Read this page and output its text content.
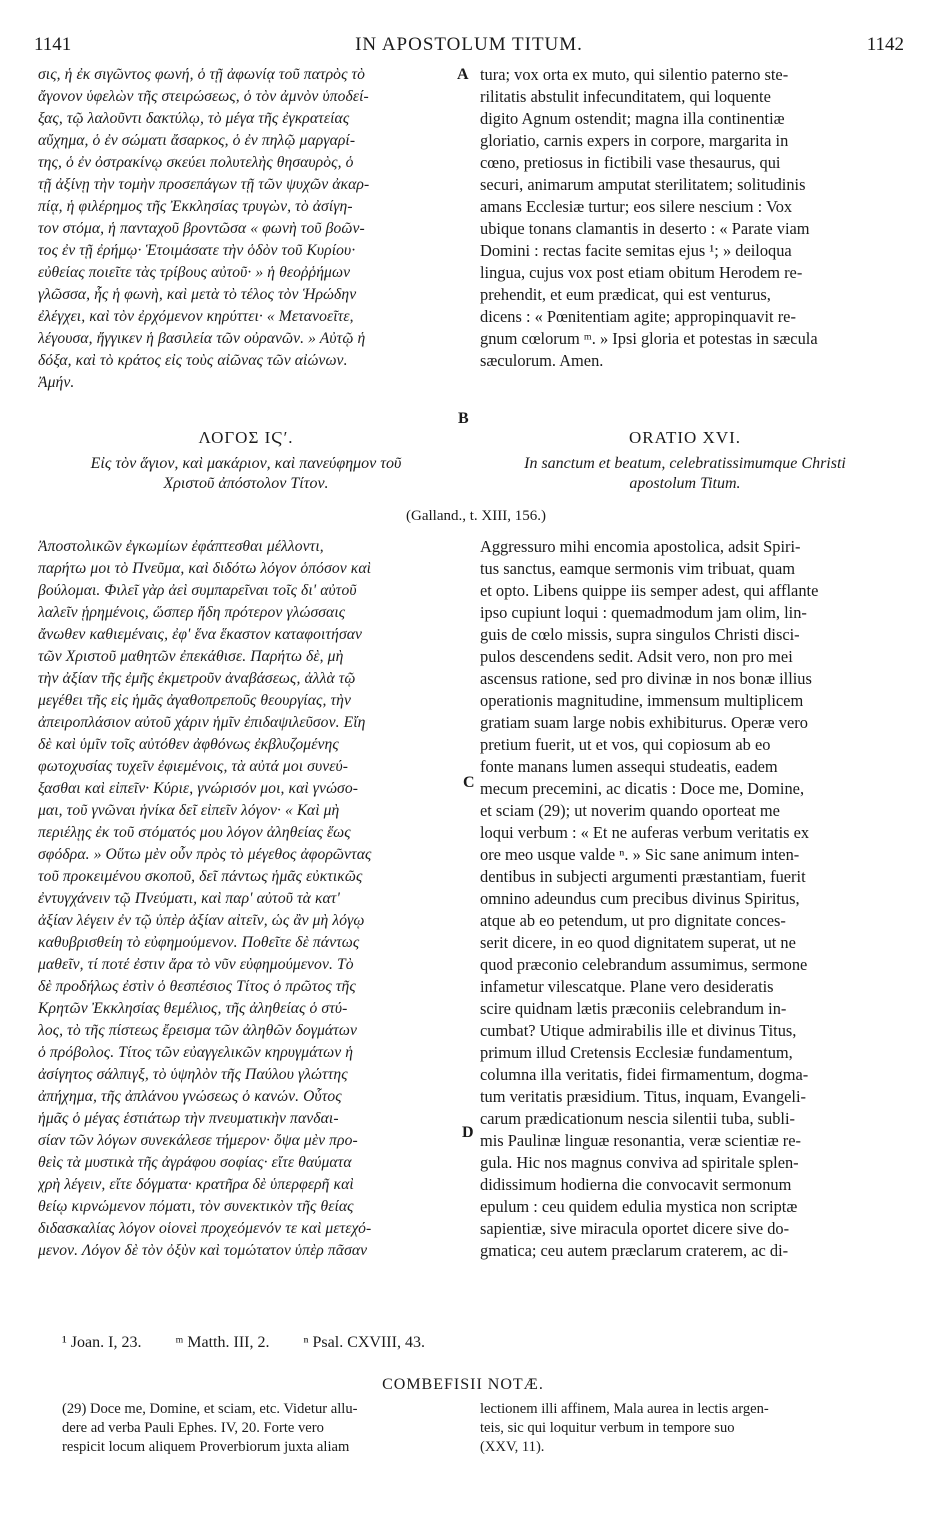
1141	IN APOSTOLUM TITUM.	1142
σις, ἡ ἐκ σιγῶντος φωνή, ὁ τῇ ἀφωνίᾳ τοῦ πατρὸς τὸ
ἄγονον ὑφελὼν τῆς στειρώσεως, ὁ τὸν ἀμνὸν ὑποδεί-
ξας, τῷ λαλοῦντι δακτύλῳ, τὸ μέγα τῆς ἐγκρατείας
αὔχημα, ὁ ἐν σώματι ἄσαρκος, ὁ ἐν πηλῷ μαργαρί-
της, ὁ ἐν ὀστρακίνῳ σκεύει πολυτελὴς θησαυρὸς, ὁ
τῇ ἀξίνῃ τὴν τομὴν προσεπάγων τῇ τῶν ψυχῶν ἀκαρ-
πίᾳ, ἡ φιλέρημος τῆς Ἐκκλησίας τρυγὼν, τὸ ἀσίγη-
τον στόμα, ἡ πανταχοῦ βροντῶσα « φωνὴ τοῦ βοῶν-
τος ἐν τῇ ἐρήμῳ· Ἑτοιμάσατε τὴν ὁδὸν τοῦ Κυρίου·
εὐθείας ποιεῖτε τὰς τρίβους αὐτοῦ· » ἡ θεοῤῥήμων
γλῶσσα, ἧς ἡ φωνὴ, καὶ μετὰ τὸ τέλος τὸν Ἡρώδην
ἐλέγχει, καὶ τὸν ἐρχόμενον κηρύττει· « Μετανοεῖτε,
λέγουσα, ἤγγικεν ἡ βασιλεία τῶν οὐρανῶν. » Αὐτῷ ἡ
δόξα, καὶ τὸ κράτος εἰς τοὺς αἰῶνας τῶν αἰώνων.
Ἀμήν.
tura; vox orta ex muto, qui silentio paterno ste-
rilitatis abstulit infecunditatem, qui loquente
digito Agnum ostendit; magna illa continentiæ
gloriatio, carnis expers in corpore, margarita in
cœno, pretiosus in fictibili vase thesaurus, qui
securi, animarum amputat sterilitatem; solitudinis
amans Ecclesiæ turtur; eos silere nescium : Vox
ubique tonans clamantis in deserto : « Parate viam
Domini : rectas facite semitas ejus ¹; » deiloqua
lingua, cujus vox post etiam obitum Herodem re-
prehendit, et eum prædicat, qui est venturus,
dicens : « Pœnitentiam agite; appropinquavit re-
gnum cœlorum ᵐ. » Ipsi gloria et potestas in sæcula
sæculorum. Amen.
A
B
C
D
ΛΟΓΟΣ ΙϚʹ.
Εἰς τὸν ἅγιον, καὶ μακάριον, καὶ πανεύφημον τοῦ
Χριστοῦ ἀπόστολον Τίτον.
ORATIO XVI.
In sanctum et beatum, celebratissimumque Christi
apostolum Titum.
(Galland., t. XIII, 156.)
Ἀποστολικῶν ἐγκωμίων ἐφάπτεσθαι μέλλοντι,
παρήτω μοι τὸ Πνεῦμα, καὶ διδότω λόγον ὁπόσον καὶ
βούλομαι. Φιλεῖ γὰρ ἀεὶ συμπαρεῖναι τοῖς δι' αὐτοῦ
λαλεῖν ᾑρημένοις, ὥσπερ ἤδη πρότερον γλώσσαις
ἄνωθεν καθιεμέναις, ἐφ' ἕνα ἕκαστον καταφοιτήσαν
τῶν Χριστοῦ μαθητῶν ἐπεκάθισε. Παρήτω δὲ, μὴ
τὴν ἀξίαν τῆς ἐμῆς ἐκμετροῦν ἀναβάσεως, ἀλλὰ τῷ
μεγέθει τῆς εἰς ἡμᾶς ἀγαθοπρεποῦς θεουργίας, τὴν
ἀπειροπλάσιον αὐτοῦ χάριν ἡμῖν ἐπιδαψιλεῦσον. Εἴη
δὲ καὶ ὑμῖν τοῖς αὐτόθεν ἀφθόνως ἐκβλυζομένης
φωτοχυσίας τυχεῖν ἐφιεμένοις, τὰ αὐτά μοι συνεύ-
ξασθαι καὶ εἰπεῖν· Κύριε, γνώρισόν μοι, καὶ γνώσο-
μαι, τοῦ γνῶναι ἡνίκα δεῖ εἰπεῖν λόγον· « Καὶ μὴ
περιέλῃς ἐκ τοῦ στόματός μου λόγον ἀληθείας ἕως
σφόδρα. » Οὕτω μὲν οὖν πρὸς τὸ μέγεθος ἀφορῶντας
τοῦ προκειμένου σκοποῦ, δεῖ πάντως ἡμᾶς εὐκτικῶς
ἐντυγχάνειν τῷ Πνεύματι, καὶ παρ' αὐτοῦ τὰ κατ'
ἀξίαν λέγειν ἐν τῷ ὑπὲρ ἀξίαν αἰτεῖν, ὡς ἂν μὴ λόγῳ
καθυβρισθείη τὸ εὐφημούμενον. Ποθεῖτε δὲ πάντως
μαθεῖν, τί ποτέ ἐστιν ἄρα τὸ νῦν εὐφημούμενον. Τὸ
δὲ προδήλως ἐστὶν ὁ θεσπέσιος Τίτος ὁ πρῶτος τῆς
Κρητῶν Ἐκκλησίας θεμέλιος, τῆς ἀληθείας ὁ στύ-
λος, τὸ τῆς πίστεως ἔρεισμα τῶν ἀληθῶν δογμάτων
ὁ πρόβολος. Τίτος τῶν εὐαγγελικῶν κηρυγμάτων ἡ
ἀσίγητος σάλπιγξ, τὸ ὑψηλὸν τῆς Παύλου γλώττης
ἀπήχημα, τῆς ἀπλάνου γνώσεως ὁ κανών. Οὗτος
ἡμᾶς ὁ μέγας ἑστιάτωρ τὴν πνευματικὴν πανδαι-
σίαν τῶν λόγων συνεκάλεσε τήμερον· ὄψα μὲν προ-
θεὶς τὰ μυστικὰ τῆς ἀγράφου σοφίας· εἴτε θαύματα
χρὴ λέγειν, εἴτε δόγματα· κρατῆρα δὲ ὑπερφερῆ καὶ
θείῳ κιρνώμενον πόματι, τὸν συνεκτικὸν τῆς θείας
διδασκαλίας λόγον οἱονεὶ προχεόμενόν τε καὶ μετεχό-
μενον. Λόγον δὲ τὸν ὀξὺν καὶ τομώτατον ὑπὲρ πᾶσαν
Aggressuro mihi encomia apostolica, adsit Spiri-
tus sanctus, eamque sermonis vim tribuat, quam
et opto. Libens quippe iis semper adest, qui afflante
ipso cupiunt loqui : quemadmodum jam olim, lin-
guis de cœlo missis, supra singulos Christi disci-
pulos descendens sedit. Adsit vero, non pro mei
ascensus ratione, sed pro divinæ in nos bonæ illius
operationis magnitudine, immensum multiplicem
gratiam suam large nobis exhibiturus. Operæ vero
pretium fuerit, ut et vos, qui copiosum ab eo
fonte manans lumen assequi studeatis, eadem
mecum precemini, ac dicatis : Doce me, Domine,
et sciam (29); ut noverim quando oporteat me
loqui verbum : « Et ne auferas verbum veritatis ex
ore meo usque valde ⁿ. » Sic sane animum inten-
dentibus in subjecti argumenti præstantiam, fuerit
omnino adeundus cum precibus divinus Spiritus,
atque ab eo petendum, ut pro dignitate conces-
serit dicere, in eo quod dignitatem superat, ut ne
quod præconio celebrandum assumimus, sermone
infametur vilescatque. Plane vero desideratis
scire quidnam lætis præconiis celebrandum in-
cumbat? Utique admirabilis ille et divinus Titus,
primum illud Cretensis Ecclesiæ fundamentum,
columna illa veritatis, fidei firmamentum, dogma-
tum veritatis præsidium. Titus, inquam, Evangeli-
carum prædicationum nescia silentii tuba, subli-
mis Paulinæ linguæ resonantia, veræ scientiæ re-
gula. Hic nos magnus conviva ad spiritale splen-
didissimum hodierna die convocavit sermonum
epulum : ceu quidem edulia mystica non scriptæ
sapientiæ, sive miracula oportet dicere sive do-
gmatica; ceu autem præclarum craterem, ac di-
¹ Joan. I, 23. ᵐ Matth. III, 2. ⁿ Psal. CXVIII, 43.
COMBEFISII NOTÆ.
(29) Doce me, Domine, et sciam, etc. Videtur allu-
dere ad verba Pauli Ephes. IV, 20. Forte vero
respicit locum aliquem Proverbiorum juxta aliam
lectionem illi affinem, Mala aurea in lectis argen-
teis, sic qui loquitur verbum in tempore suo
(XXV, 11).
